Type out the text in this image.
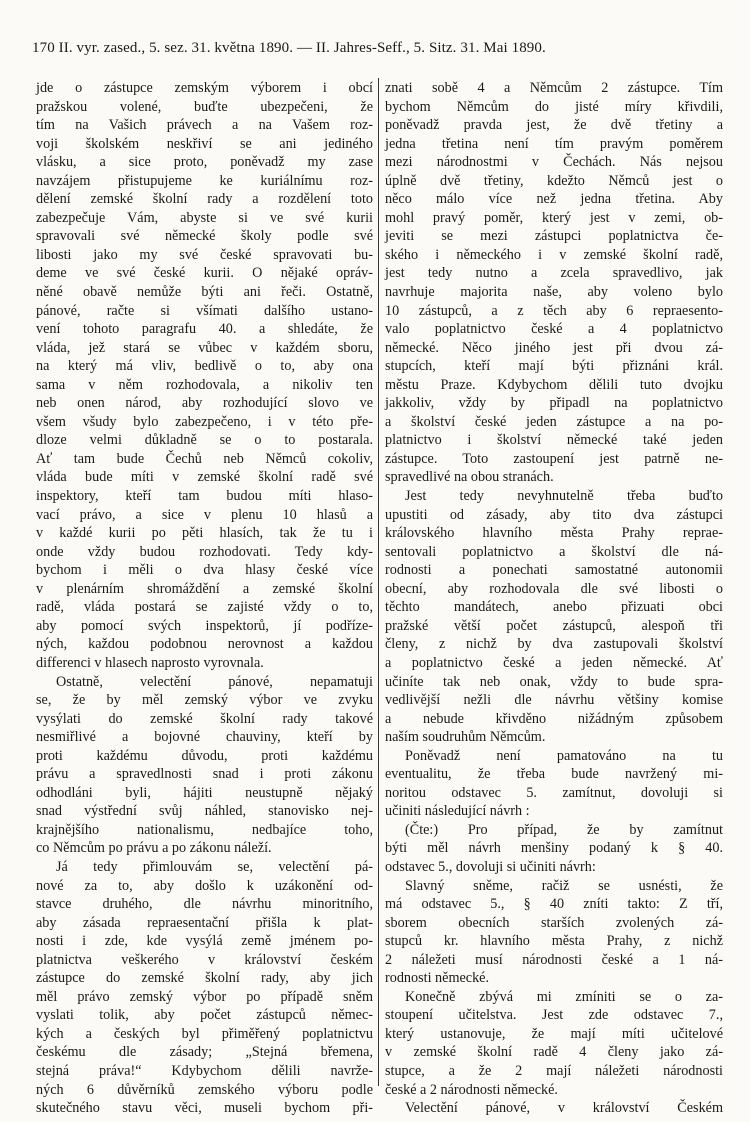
170 II. vyr. zased., 5. sez. 31. května 1890. — II. Jahres-Seff., 5. Sitz. 31. Mai 1890.
jde o zástupce zemským výborem i obcí
pražskou volené, buďte ubezpečeni, že
tím na Vašich právech a na Vašem roz-
voji školském neskřiví se ani jediného
vlásku, a sice proto, poněvadž my zase
navzájem přistupujeme ke kuriálnímu roz-
dělení zemské školní rady a rozdělení toto
zabezpečuje Vám, abyste si ve své kurii
spravovali své německé školy podle své
libosti jako my své české spravovati bu-
deme ve své české kurii. O nějaké opráv-
něné obavě nemůže býti ani řeči. Ostatně,
pánové, račte si všímati dalšího ustano-
vení tohoto paragrafu 40. a shledáte, že
vláda, jež stará se vůbec v každém sboru,
na který má vliv, bedlivě o to, aby ona
sama v něm rozhodovala, a nikoliv ten
neb onen národ, aby rozhodující slovo ve
všem všudy bylo zabezpečeno, i v této pře-
dloze velmi důkladně se o to postarala.
Ať tam bude Čechů neb Němců cokoliv,
vláda bude míti v zemské školní radě své
inspektory, kteří tam budou míti hlaso-
vací právo, a sice v plenu 10 hlasů a
v každé kurii po pěti hlasích, tak že tu i
onde vždy budou rozhodovati. Tedy kdy-
bychom i měli o dva hlasy české více
v plenárním shromáždění a zemské školní
radě, vláda postará se zajisté vždy o to,
aby pomocí svých inspektorů, jí podříze-
ných, každou podobnou nerovnost a každou
differenci v hlasech naprosto vyrovnala.
Ostatně, velectění pánové, nepamatuji
se, že by měl zemský výbor ve zvyku
vysýlati do zemské školní rady takové
nesmiřlivé a bojovné chauviny, kteří by
proti každému důvodu, proti každému
právu a spravedlnosti snad i proti zákonu
odhodláni byli, hájiti neustupně nějaký
snad výstřední svůj náhled, stanovisko nej-
krajnějšího nationalismu, nedbajíce toho,
co Němcům po právu a po zákonu náleží.
Já tedy přimlouvám se, velectění pá-
nové za to, aby došlo k uzákonění od-
stavce druhého, dle návrhu minoritního,
aby zásada repraesentační přišla k plat-
nosti i zde, kde vysýlá země jménem po-
platnictva veškerého v království českém
zástupce do zemské školní rady, aby jich
měl právo zemský výbor po případě sněm
vyslati tolik, aby počet zástupců němec-
kých a českých byl přiměřený poplatnictvu
českému dle zásady; „Stejná břemena,
stejná práva!“ Kdybychom dělili navrže-
ných 6 důvěrníků zemského výboru podle
skutečného stavu věci, museli bychom při-
znati sobě 4 a Němcům 2 zástupce. Tím
bychom Němcům do jisté míry křivdili,
poněvadž pravda jest, že dvě třetiny a
jedna třetina není tím pravým poměrem
mezi národnostmi v Čechách. Nás nejsou
úplně dvě třetiny, kdežto Němců jest o
něco málo více než jedna třetina. Aby
mohl pravý poměr, který jest v zemi, ob-
jeviti se mezi zástupci poplatnictva če-
ského i německého i v zemské školní radě,
jest tedy nutno a zcela spravedlivo, jak
navrhuje majorita naše, aby voleno bylo
10 zástupců, a z těch aby 6 repraesento-
valo poplatnictvo české a 4 poplatnictvo
německé. Něco jiného jest při dvou zá-
stupcích, kteří mají býti přiznáni král.
městu Praze. Kdybychom dělili tuto dvojku
jakkoliv, vždy by připadl na poplatnictvo
a školství české jeden zástupce a na po-
platnictvo i školství německé také jeden
zástupce. Toto zastoupení jest patrně ne-
spravedlivé na obou stranách.
Jest tedy nevyhnutelně třeba buďto
upustiti od zásady, aby tito dva zástupci
královského hlavního města Prahy reprae-
sentovali poplatnictvo a školství dle ná-
rodnosti a ponechati samostatné autonomii
obecní, aby rozhodovala dle své libosti o
těchto mandátech, anebo přizuati obci
pražské větší počet zástupců, alespoň tři
členy, z nichž by dva zastupovali školství
a poplatnictvo české a jeden německé. Ať
učiníte tak neb onak, vždy to bude spra-
vedlivější nežli dle návrhu většiny komise
a nebude křivděno nižádným způsobem
naším soudruhům Němcům.
Poněvadž není pamatováno na tu
eventualitu, že třeba bude navržený mi-
noritou odstavec 5. zamítnut, dovoluji si
učiniti následující návrh :
(Čte:) Pro případ, že by zamítnut
býti měl návrh menšiny podaný k § 40.
odstavec 5., dovoluji si učiniti návrh:
Slavný sněme, račiž se usnésti, že
má odstavec 5., § 40 zníti takto: Z tří,
sborem obecních starších zvolených zá-
stupců kr. hlavního města Prahy, z nichž
2 náležeti musí národnosti české a 1 ná-
rodnosti německé.
Konečně zbývá mi zmíniti se o za-
stoupení učitelstva. Jest zde odstavec 7.,
který ustanovuje, že mají míti učitelové
v zemské školní radě 4 členy jako zá-
stupce, a že 2 mají náležeti národnosti
české a 2 národnosti německé.
Velectění pánové, v království Českém
